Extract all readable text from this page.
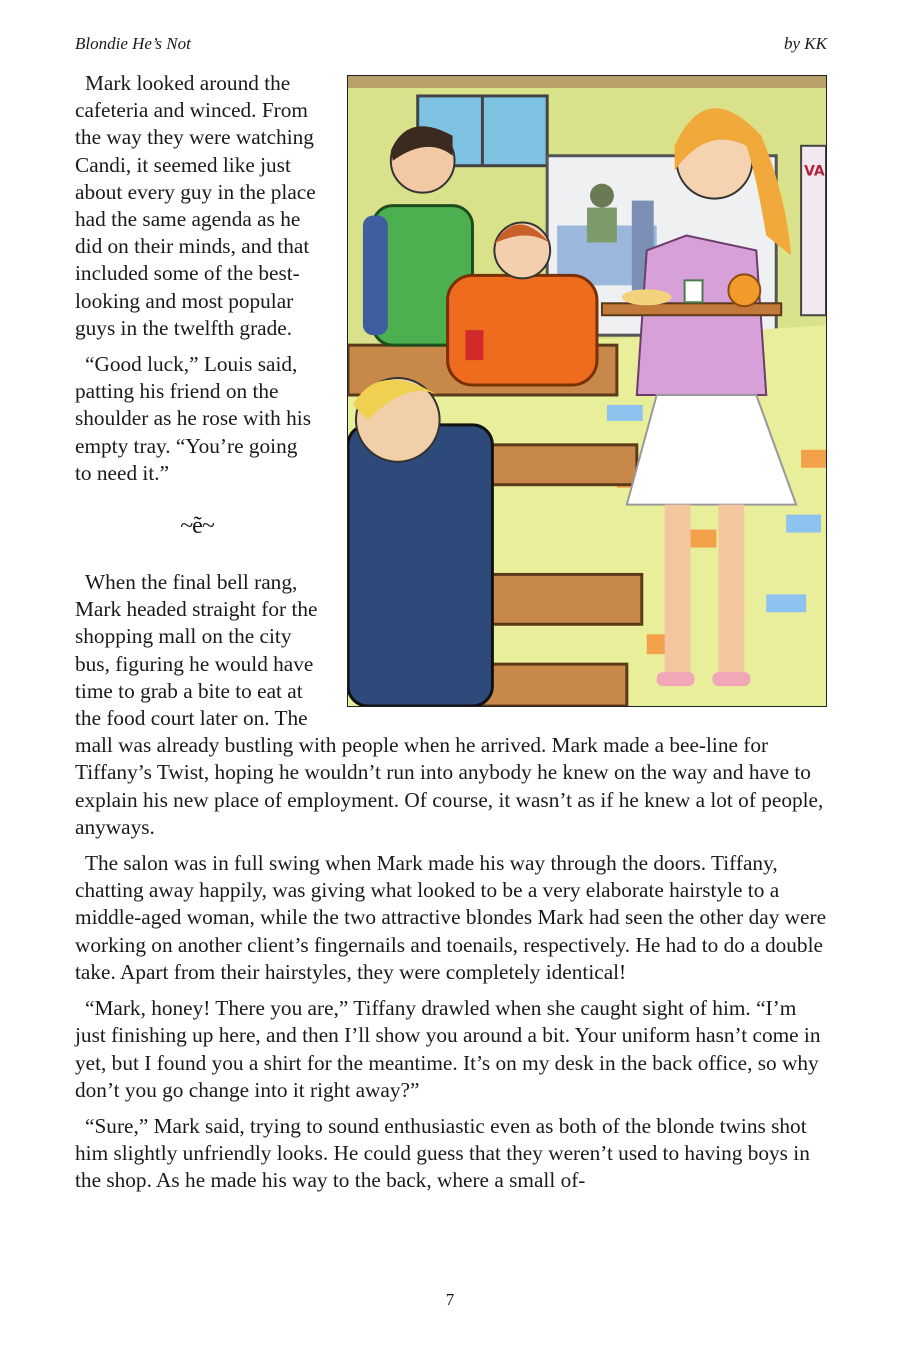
Blondie He’s Not	by KK
VA

Mark looked around the cafeteria and winced. From the way they were watching Candi, it seemed like just about every guy in the place had the same agenda as he did on their minds, and that included some of the best-looking and most popular guys in the twelfth grade.

“Good luck,” Louis said, patting his friend on the shoulder as he rose with his empty tray. “You’re going to need it.”

~ẽ~

When the final bell rang, Mark headed straight for the shopping mall on the city bus, figuring he would have time to grab a bite to eat at the food court later on. The mall was already bustling with people when he arrived. Mark made a bee-line for Tiffany’s Twist, hoping he wouldn’t run into anybody he knew on the way and have to explain his new place of employment. Of course, it wasn’t as if he knew a lot of people, anyways.

The salon was in full swing when Mark made his way through the doors. Tiffany, chatting away happily, was giving what looked to be a very elaborate hairstyle to a middle-aged woman, while the two attractive blondes Mark had seen the other day were working on another client’s fingernails and toenails, respectively. He had to do a double take. Apart from their hairstyles, they were completely identical!

“Mark, honey! There you are,” Tiffany drawled when she caught sight of him. “I’m just finishing up here, and then I’ll show you around a bit. Your uniform hasn’t come in yet, but I found you a shirt for the meantime. It’s on my desk in the back office, so why don’t you go change into it right away?”

“Sure,” Mark said, trying to sound enthusiastic even as both of the blonde twins shot him slightly unfriendly looks. He could guess that they weren’t used to having boys in the shop. As he made his way to the back, where a small of-

7
